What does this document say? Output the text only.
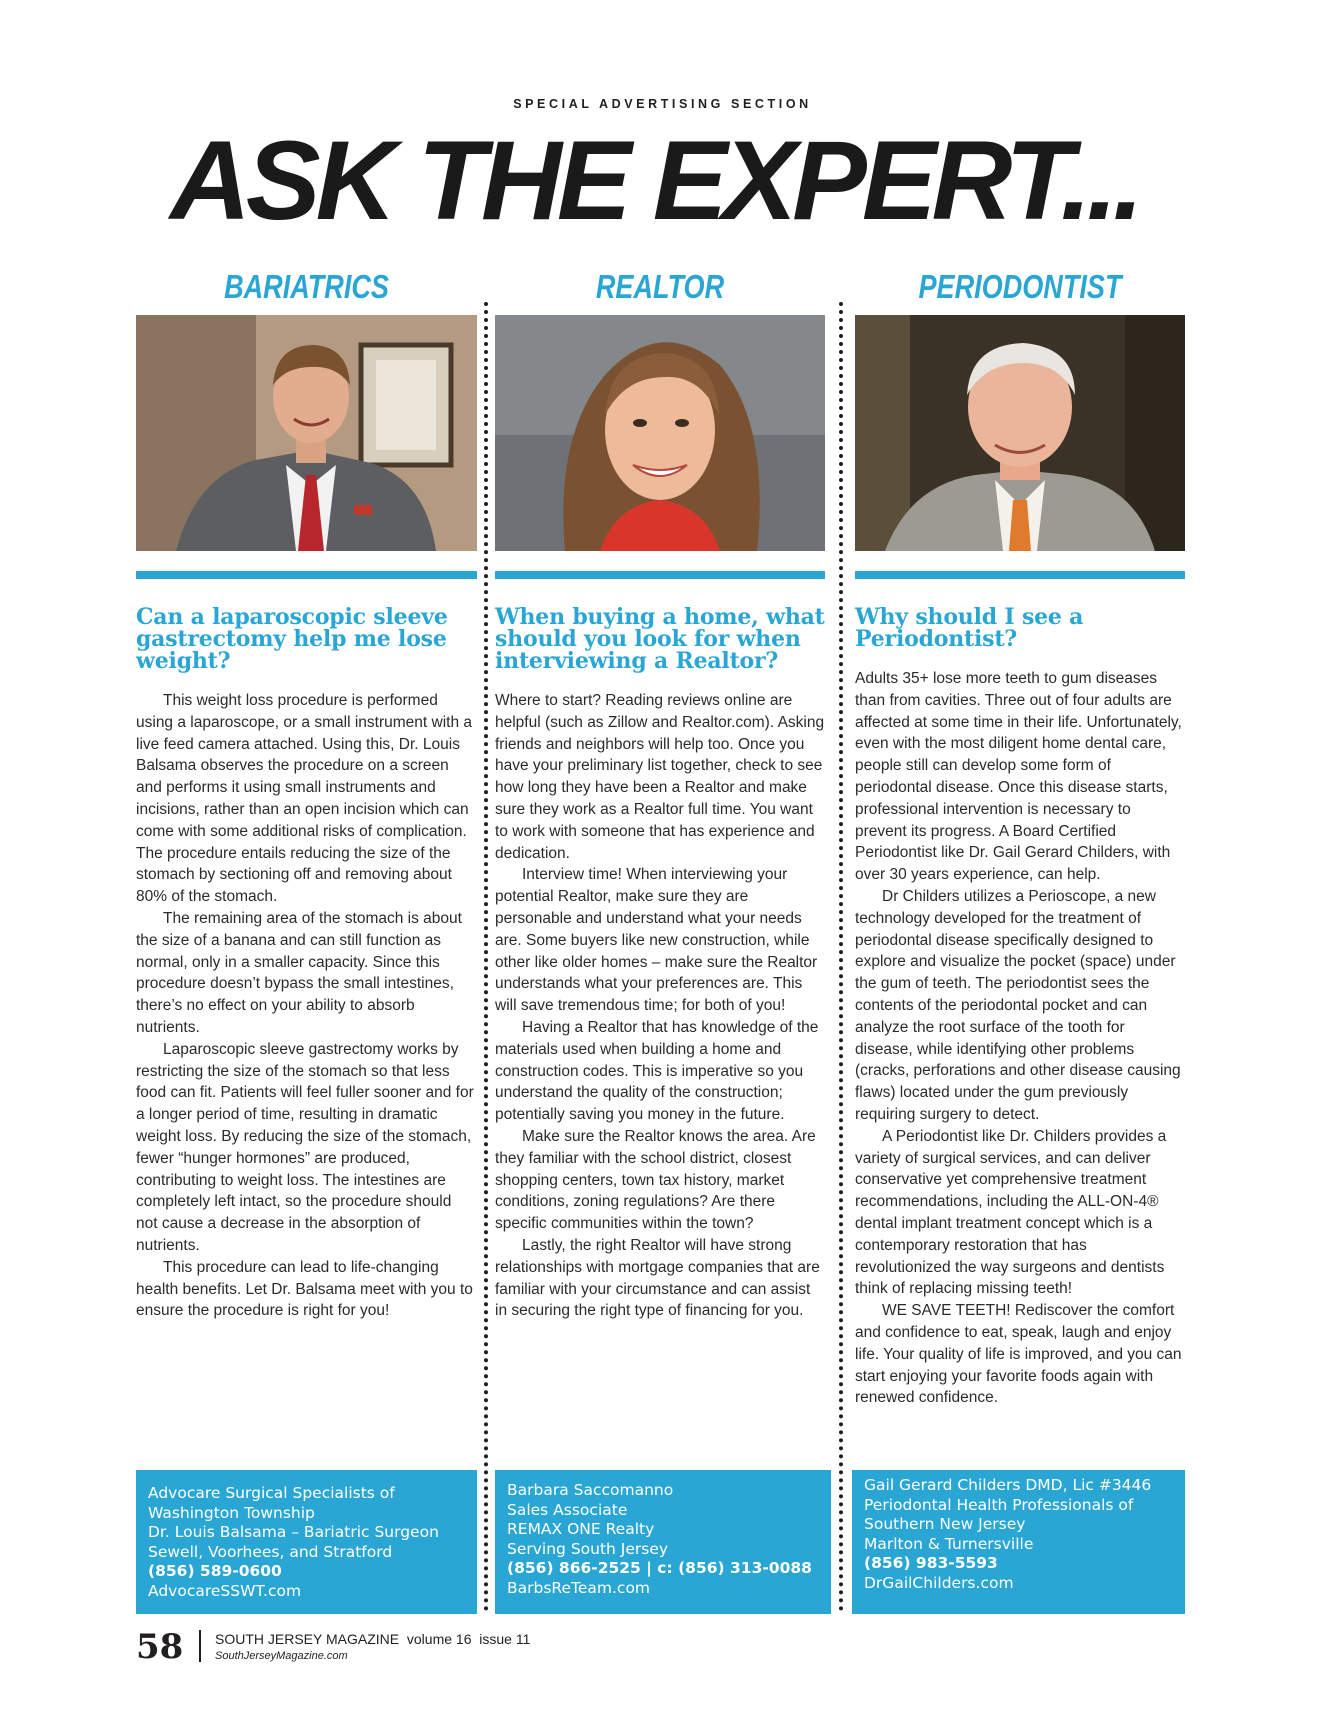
SPECIAL ADVERTISING SECTION
ASK THE EXPERT...
BARIATRICS
Can a laparoscopic sleeve gastrectomy help me lose weight?

This weight loss procedure is performed using a laparoscope, or a small instrument with a live feed camera attached. Using this, Dr. Louis Balsama observes the procedure on a screen and performs it using small instruments and incisions, rather than an open incision which can come with some additional risks of complication. The procedure entails reducing the size of the stomach by sectioning off and removing about 80% of the stomach.

The remaining area of the stomach is about the size of a banana and can still function as normal, only in a smaller capacity. Since this procedure doesn’t bypass the small intestines, there’s no effect on your ability to absorb nutrients.

Laparoscopic sleeve gastrectomy works by restricting the size of the stomach so that less food can fit. Patients will feel fuller sooner and for a longer period of time, resulting in dramatic weight loss. By reducing the size of the stomach, fewer “hunger hormones” are produced, contributing to weight loss. The intestines are completely left intact, so the procedure should not cause a decrease in the absorption of nutrients.

This procedure can lead to life-changing health benefits. Let Dr. Balsama meet with you to ensure the procedure is right for you!

REALTOR
When buying a home, what should you look for when interviewing a Realtor?

Where to start? Reading reviews online are helpful (such as Zillow and Realtor.com). Asking friends and neighbors will help too. Once you have your preliminary list together, check to see how long they have been a Realtor and make sure they work as a Realtor full time. You want to work with someone that has experience and dedication.

Interview time! When interviewing your potential Realtor, make sure they are personable and understand what your needs are. Some buyers like new construction, while other like older homes – make sure the Realtor understands what your preferences are. This will save tremendous time; for both of you!

Having a Realtor that has knowledge of the materials used when building a home and construction codes. This is imperative so you understand the quality of the construction; potentially saving you money in the future.

Make sure the Realtor knows the area. Are they familiar with the school district, closest shopping centers, town tax history, market conditions, zoning regulations? Are there specific communities within the town?

Lastly, the right Realtor will have strong relationships with mortgage companies that are familiar with your circumstance and can assist in securing the right type of financing for you.

PERIODONTIST
Why should I see a Periodontist?

Adults 35+ lose more teeth to gum diseases than from cavities. Three out of four adults are affected at some time in their life. Unfortunately, even with the most diligent home dental care, people still can develop some form of periodontal disease. Once this disease starts, professional intervention is necessary to prevent its progress. A Board Certified Periodontist like Dr. Gail Gerard Childers, with over 30 years experience, can help.

Dr Childers utilizes a Perioscope, a new technology developed for the treatment of periodontal disease specifically designed to explore and visualize the pocket (space) under the gum of teeth. The periodontist sees the contents of the periodontal pocket and can analyze the root surface of the tooth for disease, while identifying other problems (cracks, perforations and other disease causing flaws) located under the gum previously requiring surgery to detect.

A Periodontist like Dr. Childers provides a variety of surgical services, and can deliver conservative yet comprehensive treatment recommendations, including the ALL-ON-4® dental implant treatment concept which is a contemporary restoration that has revolutionized the way surgeons and dentists think of replacing missing teeth!

WE SAVE TEETH! Rediscover the comfort and confidence to eat, speak, laugh and enjoy life. Your quality of life is improved, and you can start enjoying your favorite foods again with renewed confidence.

Advocare Surgical Specialists of Washington Township
Dr. Louis Balsama – Bariatric Surgeon
Sewell, Voorhees, and Stratford
(856) 589-0600
AdvocareSSWT.com
Barbara Saccomanno
Sales Associate
REMAX ONE Realty
Serving South Jersey
(856) 866-2525 | c: (856) 313-0088
BarbsReTeam.com
Gail Gerard Childers DMD, Lic #3446
Periodontal Health Professionals of Southern New Jersey
Marlton & Turnersville
(856) 983-5593
DrGailChilders.com
58 SOUTH JERSEY MAGAZINE volume 16 issue 11
SouthJerseyMagazine.com
